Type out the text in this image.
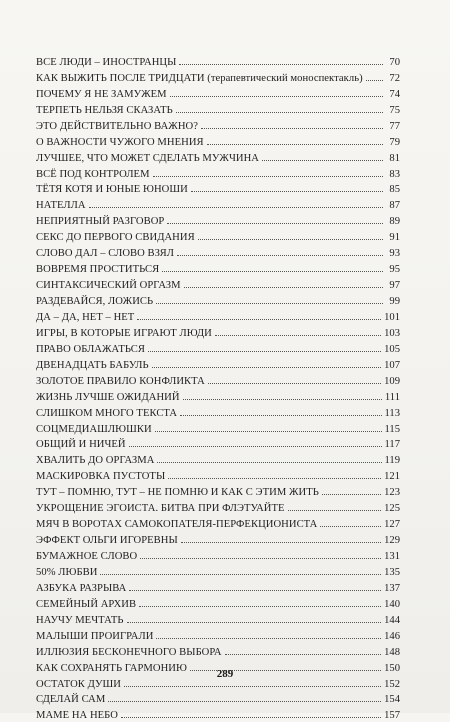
ВСЕ ЛЮДИ – ИНОСТРАНЦЫ	70
КАК ВЫЖИТЬ ПОСЛЕ ТРИДЦАТИ (терапевтический моноспектакль)	72
ПОЧЕМУ Я НЕ ЗАМУЖЕМ	74
ТЕРПЕТЬ НЕЛЬЗЯ СКАЗАТЬ	75
ЭТО ДЕЙСТВИТЕЛЬНО ВАЖНО?	77
О ВАЖНОСТИ ЧУЖОГО МНЕНИЯ	79
ЛУЧШЕЕ, ЧТО МОЖЕТ СДЕЛАТЬ МУЖЧИНА	81
ВСЁ ПОД КОНТРОЛЕМ	83
ТЁТЯ КОТЯ И ЮНЫЕ ЮНОШИ	85
НАТЕЛЛА	87
НЕПРИЯТНЫЙ РАЗГОВОР	89
СЕКС ДО ПЕРВОГО СВИДАНИЯ	91
СЛОВО ДАЛ – СЛОВО ВЗЯЛ	93
ВОВРЕМЯ ПРОСТИТЬСЯ	95
СИНТАКСИЧЕСКИЙ ОРГАЗМ	97
РАЗДЕВАЙСЯ, ЛОЖИСЬ	99
ДА – ДА, НЕТ – НЕТ	101
ИГРЫ, В КОТОРЫЕ ИГРАЮТ ЛЮДИ	103
ПРАВО ОБЛАЖАТЬСЯ	105
ДВЕНАДЦАТЬ БАБУЛЬ	107
ЗОЛОТОЕ ПРАВИЛО КОНФЛИКТА	109
ЖИЗНЬ ЛУЧШЕ ОЖИДАНИЙ	111
СЛИШКОМ МНОГО ТЕКСТА	113
СОЦМЕДИАШЛЮШКИ	115
ОБЩИЙ И НИЧЕЙ	117
ХВАЛИТЬ ДО ОРГАЗМА	119
МАСКИРОВКА ПУСТОТЫ	121
ТУТ – ПОМНЮ, ТУТ – НЕ ПОМНЮ И КАК С ЭТИМ ЖИТЬ	123
УКРОЩЕНИЕ ЭГОИСТА. БИТВА ПРИ ФЛЭТУАЙТЕ	125
МЯЧ В ВОРОТАХ САМОКОПАТЕЛЯ-ПЕРФЕКЦИОНИСТА	127
ЭФФЕКТ ОЛЬГИ ИГОРЕВНЫ	129
БУМАЖНОЕ СЛОВО	131
50% ЛЮБВИ	135
АЗБУКА РАЗРЫВА	137
СЕМЕЙНЫЙ АРХИВ	140
НАУЧУ МЕЧТАТЬ	144
МАЛЫШИ ПРОИГРАЛИ	146
ИЛЛЮЗИЯ БЕСКОНЕЧНОГО ВЫБОРА	148
КАК СОХРАНЯТЬ ГАРМОНИЮ	150
ОСТАТОК ДУШИ	152
СДЕЛАЙ САМ	154
МАМЕ НА НЕБО	157
289
